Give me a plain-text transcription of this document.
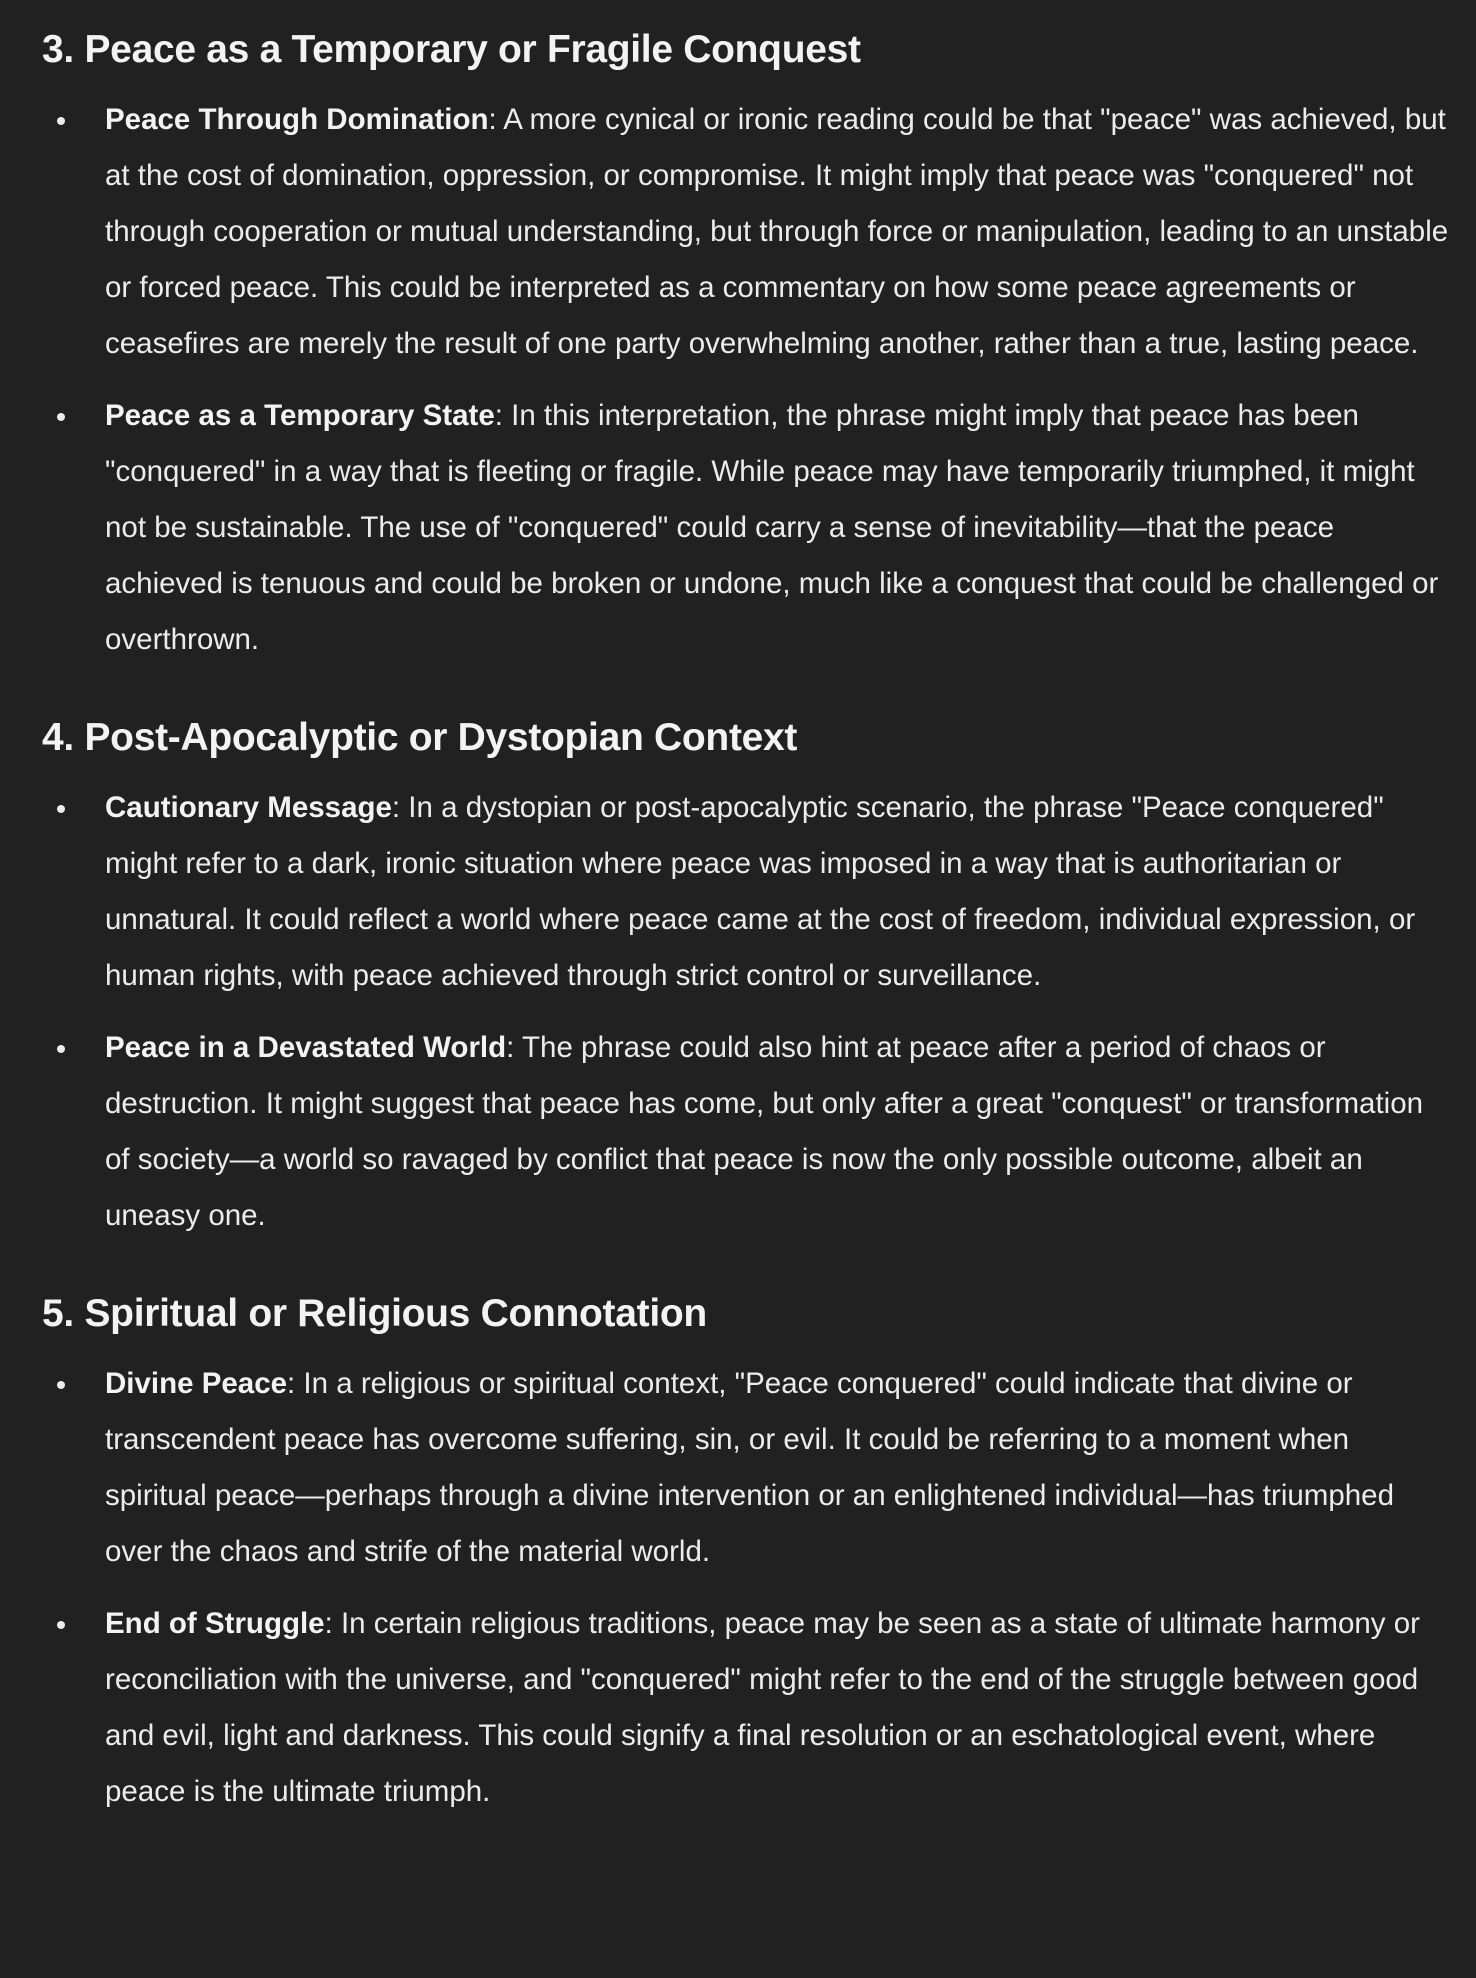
3. Peace as a Temporary or Fragile Conquest
Peace Through Domination: A more cynical or ironic reading could be that "peace" was achieved, but at the cost of domination, oppression, or compromise. It might imply that peace was "conquered" not through cooperation or mutual understanding, but through force or manipulation, leading to an unstable or forced peace. This could be interpreted as a commentary on how some peace agreements or ceasefires are merely the result of one party overwhelming another, rather than a true, lasting peace.
Peace as a Temporary State: In this interpretation, the phrase might imply that peace has been "conquered" in a way that is fleeting or fragile. While peace may have temporarily triumphed, it might not be sustainable. The use of "conquered" could carry a sense of inevitability—that the peace achieved is tenuous and could be broken or undone, much like a conquest that could be challenged or overthrown.
4. Post-Apocalyptic or Dystopian Context
Cautionary Message: In a dystopian or post-apocalyptic scenario, the phrase "Peace conquered" might refer to a dark, ironic situation where peace was imposed in a way that is authoritarian or unnatural. It could reflect a world where peace came at the cost of freedom, individual expression, or human rights, with peace achieved through strict control or surveillance.
Peace in a Devastated World: The phrase could also hint at peace after a period of chaos or destruction. It might suggest that peace has come, but only after a great "conquest" or transformation of society—a world so ravaged by conflict that peace is now the only possible outcome, albeit an uneasy one.
5. Spiritual or Religious Connotation
Divine Peace: In a religious or spiritual context, "Peace conquered" could indicate that divine or transcendent peace has overcome suffering, sin, or evil. It could be referring to a moment when spiritual peace—perhaps through a divine intervention or an enlightened individual—has triumphed over the chaos and strife of the material world.
End of Struggle: In certain religious traditions, peace may be seen as a state of ultimate harmony or reconciliation with the universe, and "conquered" might refer to the end of the struggle between good and evil, light and darkness. This could signify a final resolution or an eschatological event, where peace is the ultimate triumph.
